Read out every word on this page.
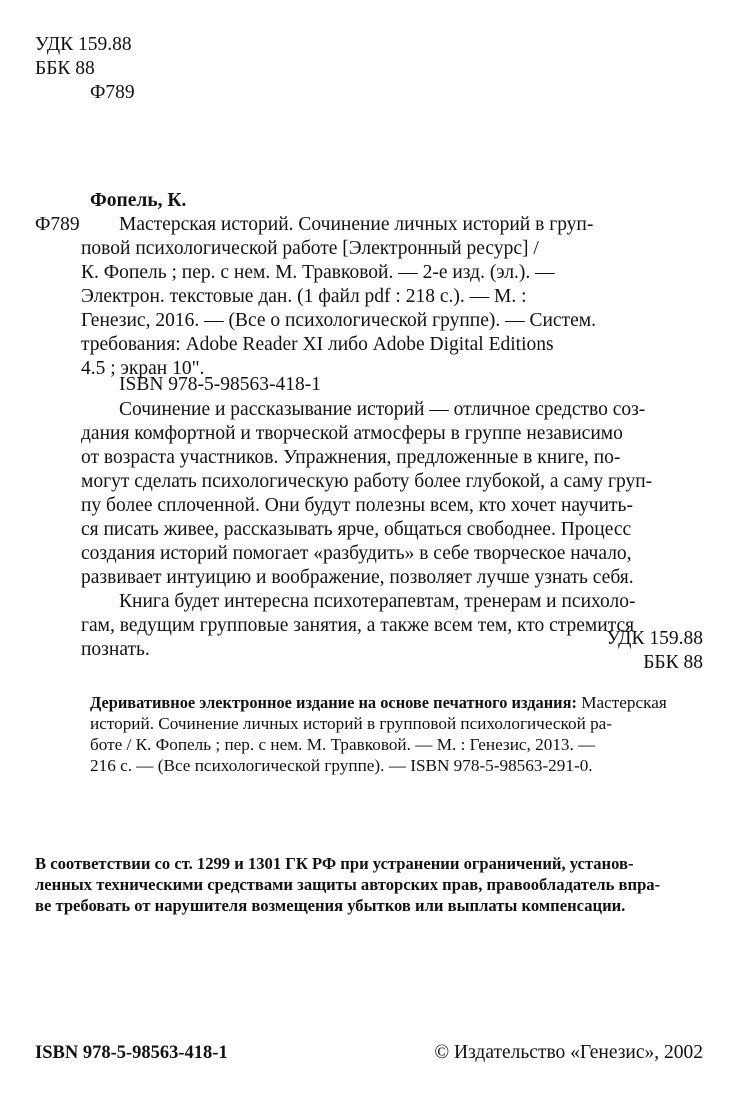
УДК 159.88
ББК 88
Ф789
Фопель, К.
Ф789	Мастерская историй. Сочинение личных историй в груп-
повой психологической работе [Электронный ресурс] /
К. Фопель ; пер. с нем. М. Травковой. — 2-е изд. (эл.). —
Электрон. текстовые дан. (1 файл pdf : 218 с.). — М. :
Генезис, 2016. — (Все о психологической группе). — Систем.
требования: Adobe Reader XI либо Adobe Digital Editions
4.5 ; экран 10".
ISBN 978-5-98563-418-1
Сочинение и рассказывание историй — отличное средство соз-
дания комфортной и творческой атмосферы в группе независимо
от возраста участников. Упражнения, предложенные в книге, по-
могут сделать психологическую работу более глубокой, а саму груп-
пу более сплоченной. Они будут полезны всем, кто хочет научить-
ся писать живее, рассказывать ярче, общаться свободнее. Процесс
создания историй помогает «разбудить» в себе творческое начало,
развивает интуицию и воображение, позволяет лучше узнать себя.
Книга будет интересна психотерапевтам, тренерам и психоло-
гам, ведущим групповые занятия, а также всем тем, кто стремится
познать.
УДК 159.88
ББК 88
Деривативное электронное издание на основе печатного издания: Мастерская
историй. Сочинение личных историй в групповой психологической ра-
боте / К. Фопель ; пер. с нем. М. Травковой. — М. : Генезис, 2013. —
216 с. — (Все психологической группе). — ISBN 978-5-98563-291-0.
В соответствии со ст. 1299 и 1301 ГК РФ при устранении ограничений, установ-
ленных техническими средствами защиты авторских прав, правообладатель впра-
ве требовать от нарушителя возмещения убытков или выплаты компенсации.
ISBN 978-5-98563-418-1	© Издательство «Генезис», 2002
